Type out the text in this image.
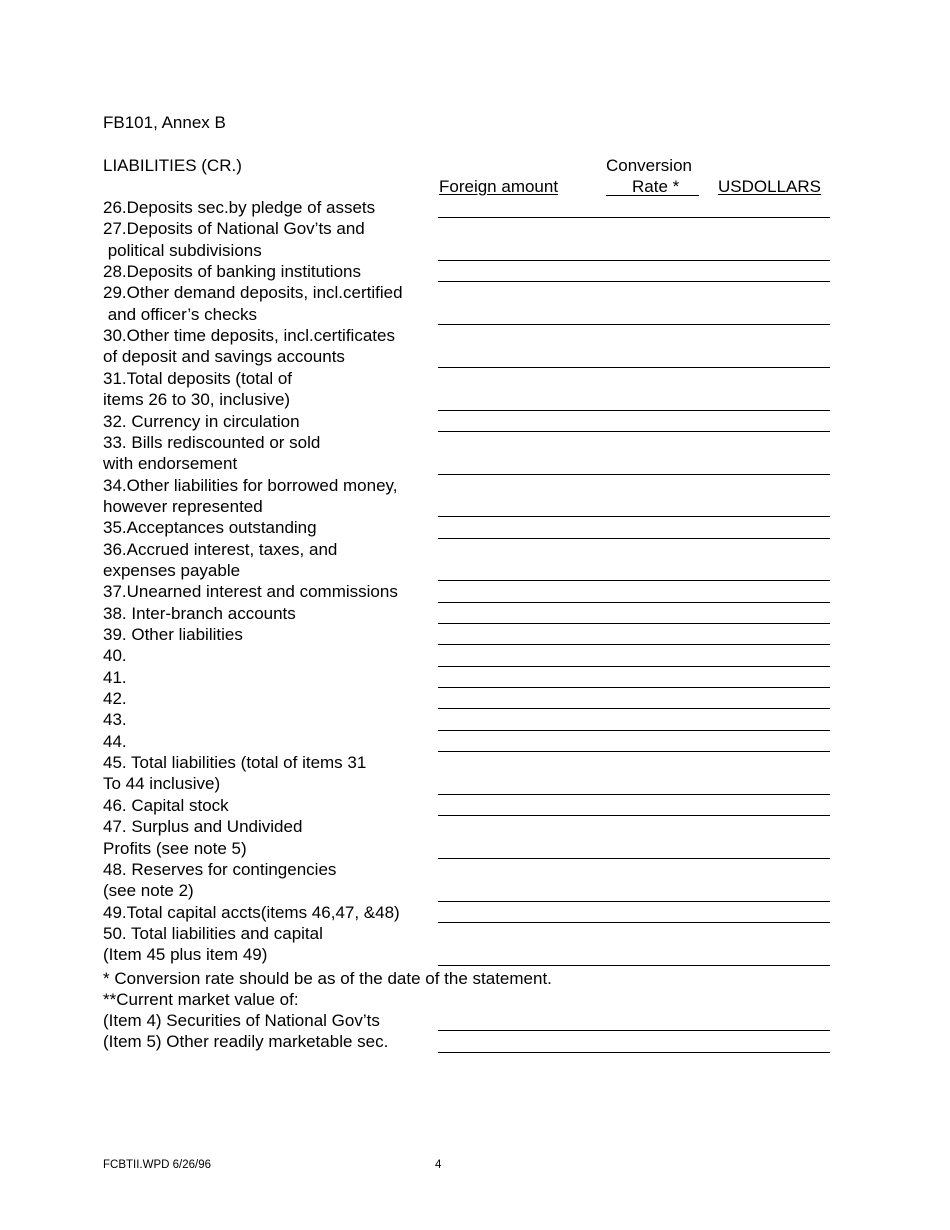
FB101, Annex B
LIABILITIES (CR.)
Foreign amount
Conversion
Rate * USDOLLARS
26.Deposits sec.by pledge of assets
27.Deposits of National Gov’ts and
political subdivisions
28.Deposits of banking institutions
29.Other demand deposits, incl.certified
and officer’s checks
30.Other time deposits, incl.certificates
of deposit and savings accounts
31.Total deposits (total of
items 26 to 30, inclusive)
32. Currency in circulation
33. Bills rediscounted or sold
with endorsement
34.Other liabilities for borrowed money,
however represented
35.Acceptances outstanding
36.Accrued interest, taxes, and
expenses payable
37.Unearned interest and commissions
38. Inter-branch accounts
39. Other liabilities
40.
41.
42.
43.
44.
45. Total liabilities (total of items 31
To 44 inclusive)
46. Capital stock
47. Surplus and Undivided
Profits (see note 5)
48. Reserves for contingencies
(see note 2)
49.Total capital accts(items 46,47, &48)
50. Total liabilities and capital
(Item 45 plus item 49)
* Conversion rate should be as of the date of the statement.
**Current market value of:
(Item 4) Securities of National Gov’ts
(Item 5) Other readily marketable sec.
FCBTII.WPD 6/26/96	4
